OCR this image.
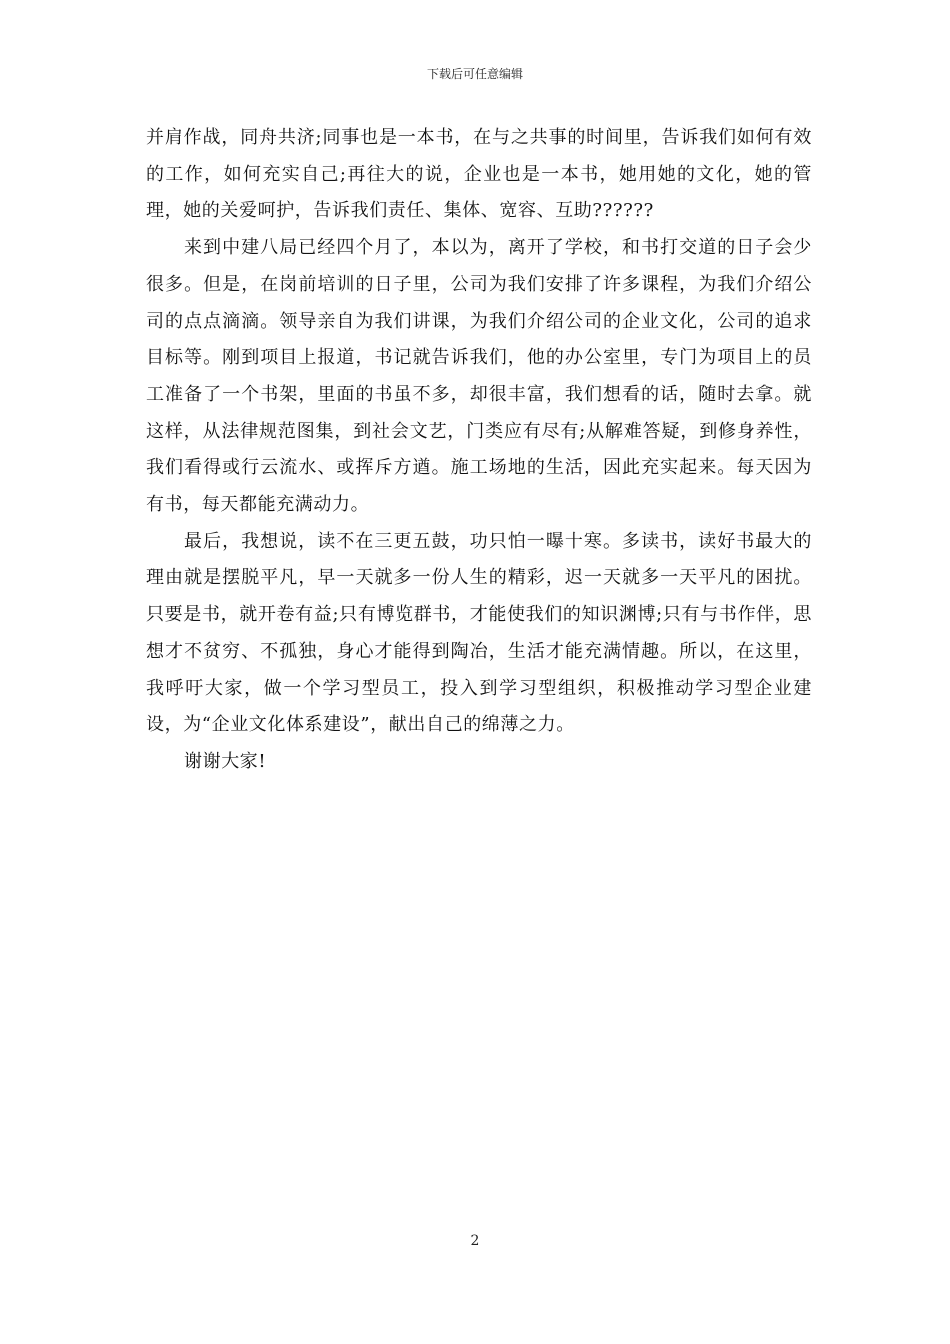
下载后可任意编辑

并肩作战，同舟共济;同事也是一本书，在与之共事的时间里，告诉我们如何有效的工作，如何充实自己;再往大的说，企业也是一本书，她用她的文化，她的管理，她的关爱呵护，告诉我们责任、集体、宽容、互助??????

来到中建八局已经四个月了，本以为，离开了学校，和书打交道的日子会少很多。但是，在岗前培训的日子里，公司为我们安排了许多课程，为我们介绍公司的点点滴滴。领导亲自为我们讲课，为我们介绍公司的企业文化，公司的追求目标等。刚到项目上报道，书记就告诉我们，他的办公室里，专门为项目上的员工准备了一个书架，里面的书虽不多，却很丰富，我们想看的话，随时去拿。就这样，从法律规范图集，到社会文艺，门类应有尽有;从解难答疑，到修身养性，我们看得或行云流水、或挥斥方遒。施工场地的生活，因此充实起来。每天因为有书，每天都能充满动力。

最后，我想说，读不在三更五鼓，功只怕一曝十寒。多读书，读好书最大的理由就是摆脱平凡，早一天就多一份人生的精彩，迟一天就多一天平凡的困扰。只要是书，就开卷有益;只有博览群书，才能使我们的知识渊博;只有与书作伴，思想才不贫穷、不孤独，身心才能得到陶冶，生活才能充满情趣。所以，在这里，我呼吁大家，做一个学习型员工，投入到学习型组织，积极推动学习型企业建设，为“企业文化体系建设”，献出自己的绵薄之力。

谢谢大家!

2
